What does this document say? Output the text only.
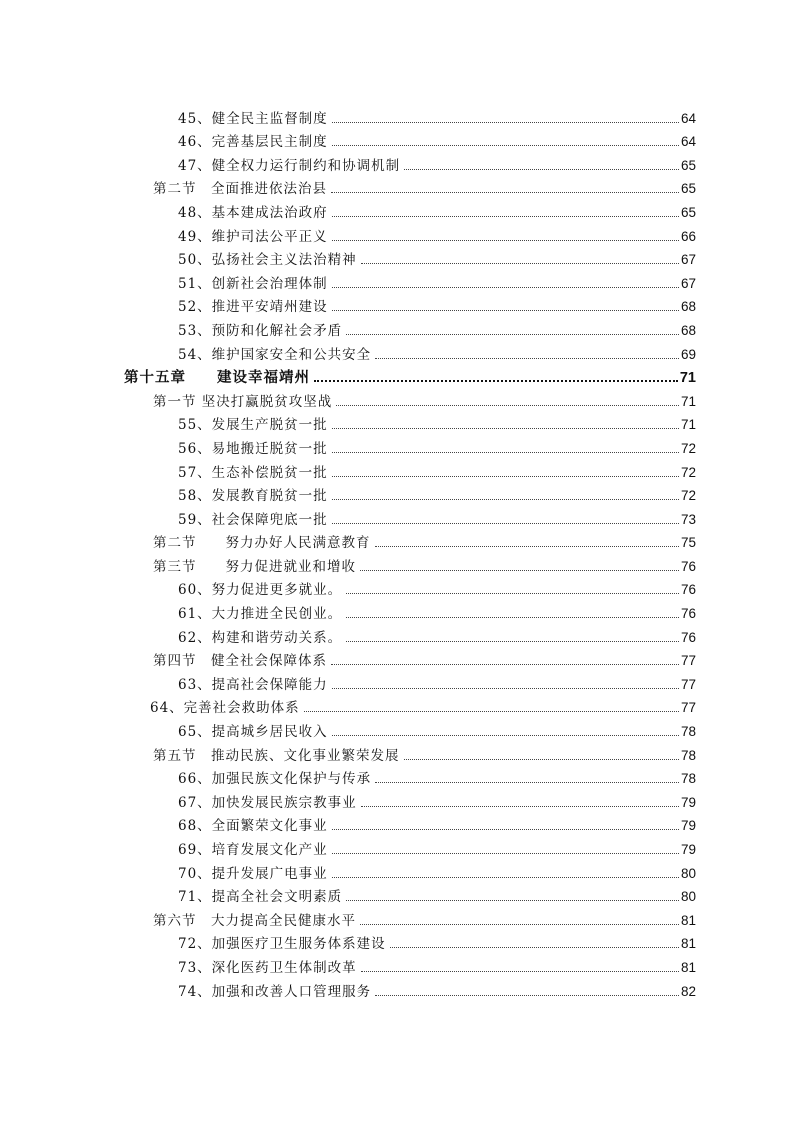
45、健全民主监督制度	64
46、完善基层民主制度	64
47、健全权力运行制约和协调机制	65
第二节　全面推进依法治县	65
48、基本建成法治政府	65
49、维护司法公平正义	66
50、弘扬社会主义法治精神	67
51、创新社会治理体制	67
52、推进平安靖州建设	68
53、预防和化解社会矛盾	68
54、维护国家安全和公共安全	69
第十五章　　建设幸福靖州	71
第一节 坚决打赢脱贫攻坚战	71
55、发展生产脱贫一批	71
56、易地搬迁脱贫一批	72
57、生态补偿脱贫一批	72
58、发展教育脱贫一批	72
59、社会保障兜底一批	73
第二节　　努力办好人民满意教育	75
第三节　　努力促进就业和增收	76
60、努力促进更多就业。	76
61、大力推进全民创业。	76
62、构建和谐劳动关系。	76
第四节　健全社会保障体系	77
63、提高社会保障能力	77
64、完善社会救助体系	77
65、提高城乡居民收入	78
第五节　推动民族、文化事业繁荣发展	78
66、加强民族文化保护与传承	78
67、加快发展民族宗教事业	79
68、全面繁荣文化事业	79
69、培育发展文化产业	79
70、提升发展广电事业	80
71、提高全社会文明素质	80
第六节　大力提高全民健康水平	81
72、加强医疗卫生服务体系建设	81
73、深化医药卫生体制改革	81
74、加强和改善人口管理服务	82
